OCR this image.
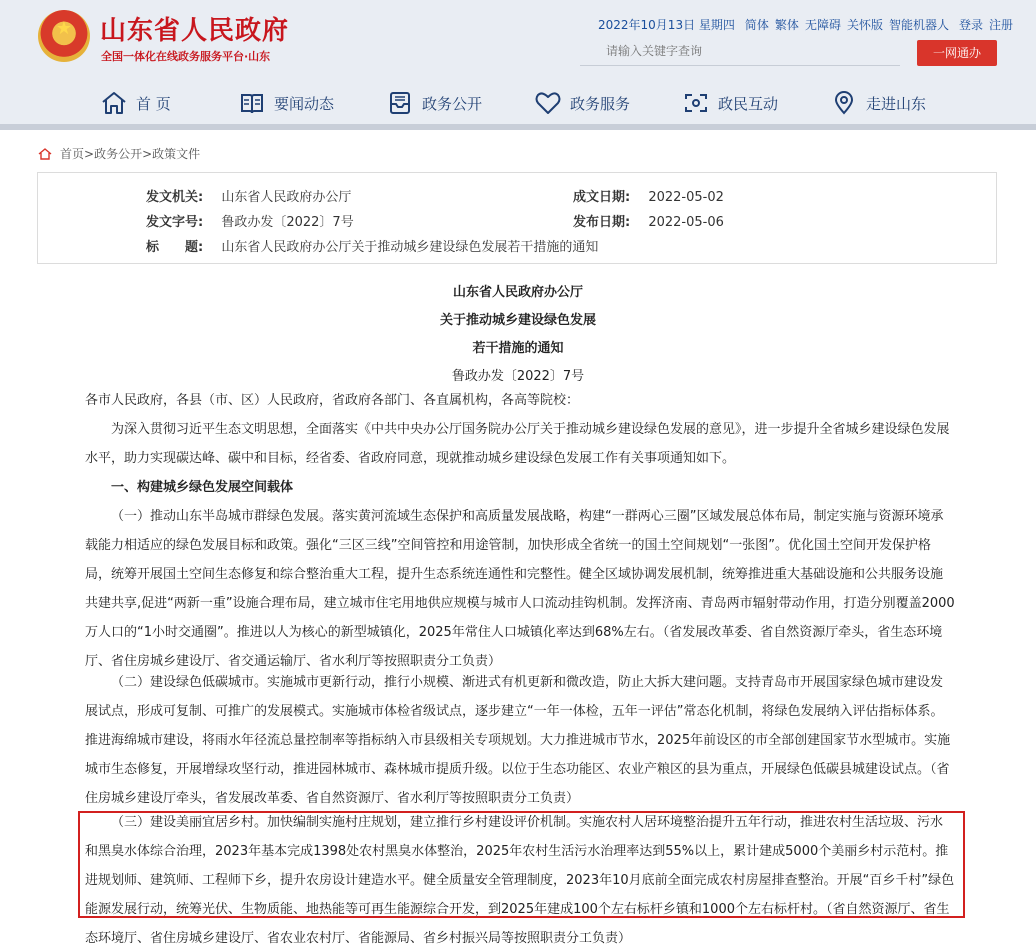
★ 山东省人民政府
全国一体化在线政务服务平台·山东
2022年10月13日 星期四 简体 繁体 无障碍 关怀版 智能机器人 登录 注册
请输入关键字查询
一网通办
首 页	要闻动态	政务公开	政务服务	政民互动	走进山东
首页 > 政务公开 > 政策文件
发文机关: 山东省人民政府办公厅	成文日期: 2022-05-02
发文字号: 鲁政办发〔2022〕7号	发布日期: 2022-05-06
标　　题: 山东省人民政府办公厅关于推动城乡建设绿色发展若干措施的通知
山东省人民政府办公厅
关于推动城乡建设绿色发展
若干措施的通知
鲁政办发〔2022〕7号
各市人民政府，各县（市、区）人民政府，省政府各部门、各直属机构，各高等院校：
为深入贯彻习近平生态文明思想，全面落实《中共中央办公厅国务院办公厅关于推动城乡建设绿色发展的意见》，进一步提升全省城乡建设绿色发展水平，助力实现碳达峰、碳中和目标，经省委、省政府同意，现就推动城乡建设绿色发展工作有关事项通知如下。
一、构建城乡绿色发展空间载体
（一）推动山东半岛城市群绿色发展。落实黄河流域生态保护和高质量发展战略，构建“一群两心三圈”区域发展总体布局，制定实施与资源环境承载能力相适应的绿色发展目标和政策。强化“三区三线”空间管控和用途管制，加快形成全省统一的国土空间规划“一张图”。优化国土空间开发保护格局，统筹开展国土空间生态修复和综合整治重大工程，提升生态系统连通性和完整性。健全区域协调发展机制，统筹推进重大基础设施和公共服务设施共建共享,促进“两新一重”设施合理布局，建立城市住宅用地供应规模与城市人口流动挂钩机制。发挥济南、青岛两市辐射带动作用，打造分别覆盖2000万人口的“1小时交通圈”。推进以人为核心的新型城镇化，2025年常住人口城镇化率达到68%左右。（省发展改革委、省自然资源厅牵头，省生态环境厅、省住房城乡建设厅、省交通运输厅、省水利厅等按照职责分工负责）
（二）建设绿色低碳城市。实施城市更新行动，推行小规模、渐进式有机更新和微改造，防止大拆大建问题。支持青岛市开展国家绿色城市建设发展试点，形成可复制、可推广的发展模式。实施城市体检省级试点，逐步建立“一年一体检，五年一评估”常态化机制，将绿色发展纳入评估指标体系。推进海绵城市建设，将雨水年径流总量控制率等指标纳入市县级相关专项规划。大力推进城市节水，2025年前设区的市全部创建国家节水型城市。实施城市生态修复，开展增绿攻坚行动，推进园林城市、森林城市提质升级。以位于生态功能区、农业产粮区的县为重点，开展绿色低碳县城建设试点。（省住房城乡建设厅牵头，省发展改革委、省自然资源厅、省水利厅等按照职责分工负责）
（三）建设美丽宜居乡村。加快编制实施村庄规划，建立推行乡村建设评价机制。实施农村人居环境整治提升五年行动，推进农村生活垃圾、污水和黑臭水体综合治理，2023年基本完成1398处农村黑臭水体整治，2025年农村生活污水治理率达到55%以上，累计建成5000个美丽乡村示范村。推进规划师、建筑师、工程师下乡，提升农房设计建造水平。健全质量安全管理制度，2023年10月底前全面完成农村房屋排查整治。开展“百乡千村”绿色能源发展行动，统筹光伏、生物质能、地热能等可再生能源综合开发，到2025年建成100个左右标杆乡镇和1000个左右标杆村。（省自然资源厅、省生态环境厅、省住房城乡建设厅、省农业农村厅、省能源局、省乡村振兴局等按照职责分工负责）
